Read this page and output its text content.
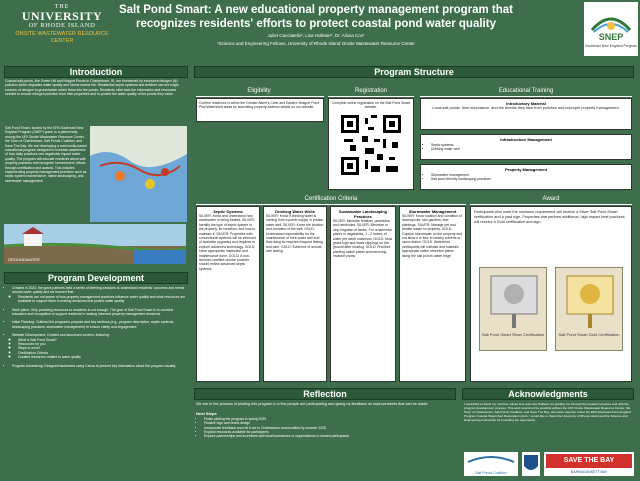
THE
UNIVERSITY
OF RHODE ISLAND
ONSITE WASTEWATER RESOURCE CENTER
Salt Pond Smart: A new educational property management program that recognizes residents' efforts to protect coastal pond water quality
Juliet Cacciatello¹, Lisa Hollister¹, Dr. Alissa Cox¹
¹Science and Engineering Fellows, University of Rhode Island Onsite Wastewater Resource Center
SNEP
Southeast New England Program
Introduction
Coastal salt ponds, like Green Hill and Ninigret Ponds in Charlestown, RI, are threatened by excessive nitrogen (N) pollution which degrades water quality and harms marine life. Residential septic systems and fertilizer use are major sources of nitrogen to groundwater which flows into the ponds. Residents often lack the information and resources needed to reduce nitrogen pollution from their properties and to protect the water quality of the ponds they value.
Salt Pond Smart, funded by the EPA Southeast New England Program (SNEP) grant, is a partnership among the URI Onsite Wastewater Resource Center, the Town of Charlestown, Salt Ponds Coalition, and Save The Bay. We are developing a community-based educational program designed to increase awareness of how daily practices can negatively impact water quality. The program will educate residents about safe property practices and recognize homeowners' efforts through certification and awards. This includes implementing property management practices such as septic system maintenance, native landscaping, and stormwater management.
GROUNDWATER
Program Development
• Created in 2023, the grant partners held a series of steering sessions to understand residents' concerns and needs around water quality and we learned that:
◦ Residents are not aware of how property management practices influence water quality and what resources are available to support them in making decisions that protect water quality
• Work plans: Only providing resources to residents is not enough. The goal of Salt Pond Smart is to combine education and recognition to support residents in making informed property management decisions
• Initial Planning: Outlined the program's purpose and key sections (e.g., program description, septic systems, landscaping practices, stormwater management) to ensure clarity and engagement
• Website Development: Created and structured content, featuring:
◦ What is Salt Pond Smart?
◦ Resources for you
◦ Steps to enroll
◦ Certification Criteria
◦ Curated resources related to water quality
• Program Advertising: Designed factsheets using Canva to present key information about the program visually
Program Structure
Eligibility
Confirm residence is within the Greater Albert's Cove and Eastern Ninigret Pond Pilot Watershed areas by submitting property address details on our website.
Registration
Complete online registration on the Salt Pond Smart website.
Educational Training
Introductory Material
Local salt ponds, their importance, and the threats they face from pollution and improper property management.
Infrastructure Management
• Septic systems
• Drinking water well
Property Management
• Stormwater management
• Salt pond-friendly landscaping practices
Certification Criteria
Septic Systems
SILVER: Know and understand how wastewater is being treated. SILVER: Identify the type of septic system in the property, its condition, and how to maintain it. SILVER: Properties with conventional systems will be informed of available upgrades and required to explore advanced technology. GOLD: Have appropriate inspection and maintenance done. GOLD: A non-licensed certified service provider should review advanced septic systems
Drinking Water Wells
SILVER: Know if drinking water is coming from a public supply or private water well. SILVER: Know the location and condition of the well. GOLD: Understand responsibility for the maintenance of their water well and that doing so requires frequent testing and care. GOLD: Evidence of annual well testing
Sustainable Landscaping Practices
SILVER: Minimize fertilizer, pesticides, and herbicides. SILVER: Minimize or stop irrigation of lawns. For ornamental plants or vegetables, 1 - 2 inches of water per week maximum. GOLD: Mow grass high and leave clippings on the ground after mowing. GOLD: Prioritize planting native plants and removing invasive plants
Stormwater Management
SILVER: Know location and condition of downspouts, rain gardens, and plantings. SILVER: Manage pet and wildlife waste on property. GOLD: Capture stormwater on the property and not allow it to flow to nearby culverts or storm drains. GOLD: Waterfront participants will cultivate and maintain appropriate native shoreline plants along the salt pond's water edge
Award
Participants who meet the minimum requirement will receive a Silver Salt Pond Smart certification and a yard sign. Properties that perform additional, high-impact best practices will receive a Gold certification and sign.
Salt Pond Smart Silver Certification	Salt Pond Smart Gold Certification
Reflection
We are in the process of piloting this program in a few people are participating and giving us feedback on improvements that can be made.
Next Steps
• Finish piloting the program in spring 2025
• Finalize logo and brand design
• Incorporate feedback and roll it out to Charlestown communities by summer 2025
• Expand resources available for participants
• Explore partnerships and incentives with local businesses or organizations to reward participants
Acknowledgments
I would like to thank my mentors, Alissa Cox and Lisa Hollister, for guiding me through the research process and with the program development process. This work would not be possible without the URI Onsite Wastewater Resource Center, the Town of Charlestown, Salt Ponds Coalition, and Save The Bay, who work together under the EPA Southeast New England Program Coastal Watershed Restoration grant. I would like to thank the University of Rhode Island and the Science and Engineering Fellowship for providing the opportunity.
Salt Ponds Coalition
SAVE THE BAY
NARRAGANSETT BAY
